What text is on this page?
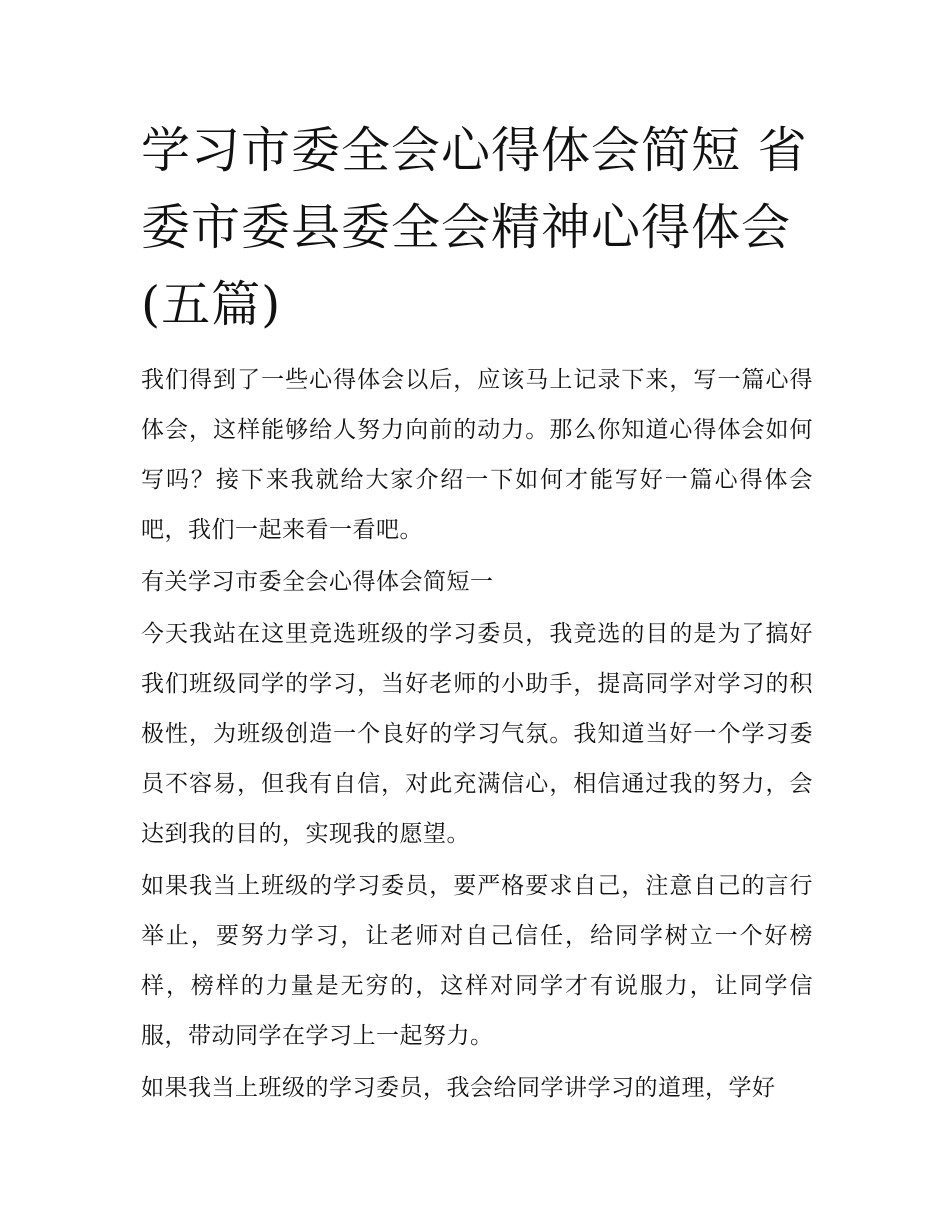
学习市委全会心得体会简短 省委市委县委全会精神心得体会(五篇)

我们得到了一些心得体会以后，应该马上记录下来，写一篇心得体会，这样能够给人努力向前的动力。那么你知道心得体会如何写吗？接下来我就给大家介绍一下如何才能写好一篇心得体会吧，我们一起来看一看吧。

有关学习市委全会心得体会简短一

今天我站在这里竞选班级的学习委员，我竞选的目的是为了搞好我们班级同学的学习，当好老师的小助手，提高同学对学习的积极性，为班级创造一个良好的学习气氛。我知道当好一个学习委员不容易，但我有自信，对此充满信心，相信通过我的努力，会达到我的目的，实现我的愿望。

如果我当上班级的学习委员，要严格要求自己，注意自己的言行举止，要努力学习，让老师对自己信任，给同学树立一个好榜样，榜样的力量是无穷的，这样对同学才有说服力，让同学信服，带动同学在学习上一起努力。

如果我当上班级的学习委员，我会给同学讲学习的道理，学好
